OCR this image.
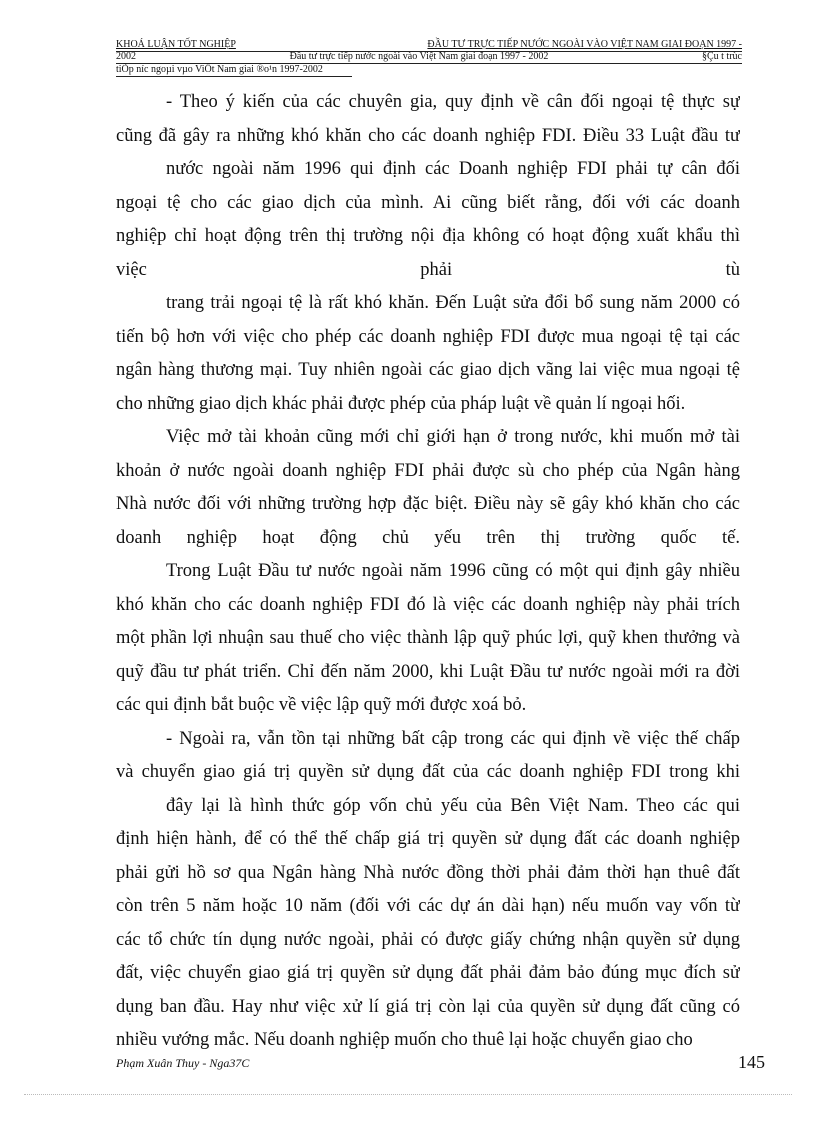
KHOÁ LUẬN TỐT NGHIỆP	ĐẦU TƯ TRỰC TIẾP NƯỚC NGOÀI VÀO VIỆT NAM GIAI ĐOẠN 1997 -
2002	Đầu tư trực tiếp nước ngoài vào Việt Nam giai đoạn 1997 - 2002	§Çu t trùc
tiÕp níc ngoµi vµo ViÖt Nam giai ®o¹n 1997-2002
- Theo ý kiến của các chuyên gia, quy định về cân đối ngoại tệ thực sự
cũng đã gây ra những khó khăn cho các doanh nghiệp FDI. Điều 33 Luật đầu tư
nước ngoài năm 1996 qui định các Doanh nghiệp FDI phải tự cân đối
ngoại tệ cho các giao dịch của mình. Ai cũng biết rằng, đối với các doanh
nghiệp chỉ hoạt động trên thị trường nội địa không có hoạt động xuất khẩu thì
việc phải tù
trang trải ngoại tệ là rất khó khăn. Đến Luật sửa đổi bổ sung năm 2000 có
tiến bộ hơn với việc cho phép các doanh nghiệp FDI được mua ngoại tệ tại các
ngân hàng thương mại. Tuy nhiên ngoài các giao dịch vãng lai việc mua ngoại tệ
cho những giao dịch khác phải được phép của pháp luật về quản lí ngoại hối.
Việc mở tài khoản cũng mới chỉ giới hạn ở trong nước, khi muốn mở tài
khoản ở nước ngoài doanh nghiệp FDI phải được sù cho phép của Ngân hàng
Nhà nước đối với những trường hợp đặc biệt. Điều này sẽ gây khó khăn cho các
doanh nghiệp hoạt động chủ yếu trên thị trường quốc tế.
Trong Luật Đầu tư nước ngoài năm 1996 cũng có một qui định gây nhiều
khó khăn cho các doanh nghiệp FDI đó là việc các doanh nghiệp này phải trích
một phần lợi nhuận sau thuế cho việc thành lập quỹ phúc lợi, quỹ khen thưởng và
quỹ đầu tư phát triển. Chỉ đến năm 2000, khi Luật Đầu tư nước ngoài mới ra đời
các qui định bắt buộc về việc lập quỹ mới được xoá bỏ.
- Ngoài ra, vẫn tồn tại những bất cập trong các qui định về việc thế chấp
và chuyển giao giá trị quyền sử dụng đất của các doanh nghiệp FDI trong khi
đây lại là hình thức góp vốn chủ yếu của Bên Việt Nam. Theo các qui
định hiện hành, để có thể thế chấp giá trị quyền sử dụng đất các doanh nghiệp
phải gửi hồ sơ qua Ngân hàng Nhà nước đồng thời phải đảm thời hạn thuê đất
còn trên 5 năm hoặc 10 năm (đối với các dự án dài hạn) nếu muốn vay vốn từ
các tổ chức tín dụng nước ngoài, phải có được giấy chứng nhận quyền sử dụng
đất, việc chuyển giao giá trị quyền sử dụng đất phải đảm bảo đúng mục đích sử
dụng ban đầu. Hay như việc xử lí giá trị còn lại của quyền sử dụng đất cũng có
nhiều vướng mắc. Nếu doanh nghiệp muốn cho thuê lại hoặc chuyển giao cho
Phạm Xuân Thuy - Nga37C	145
